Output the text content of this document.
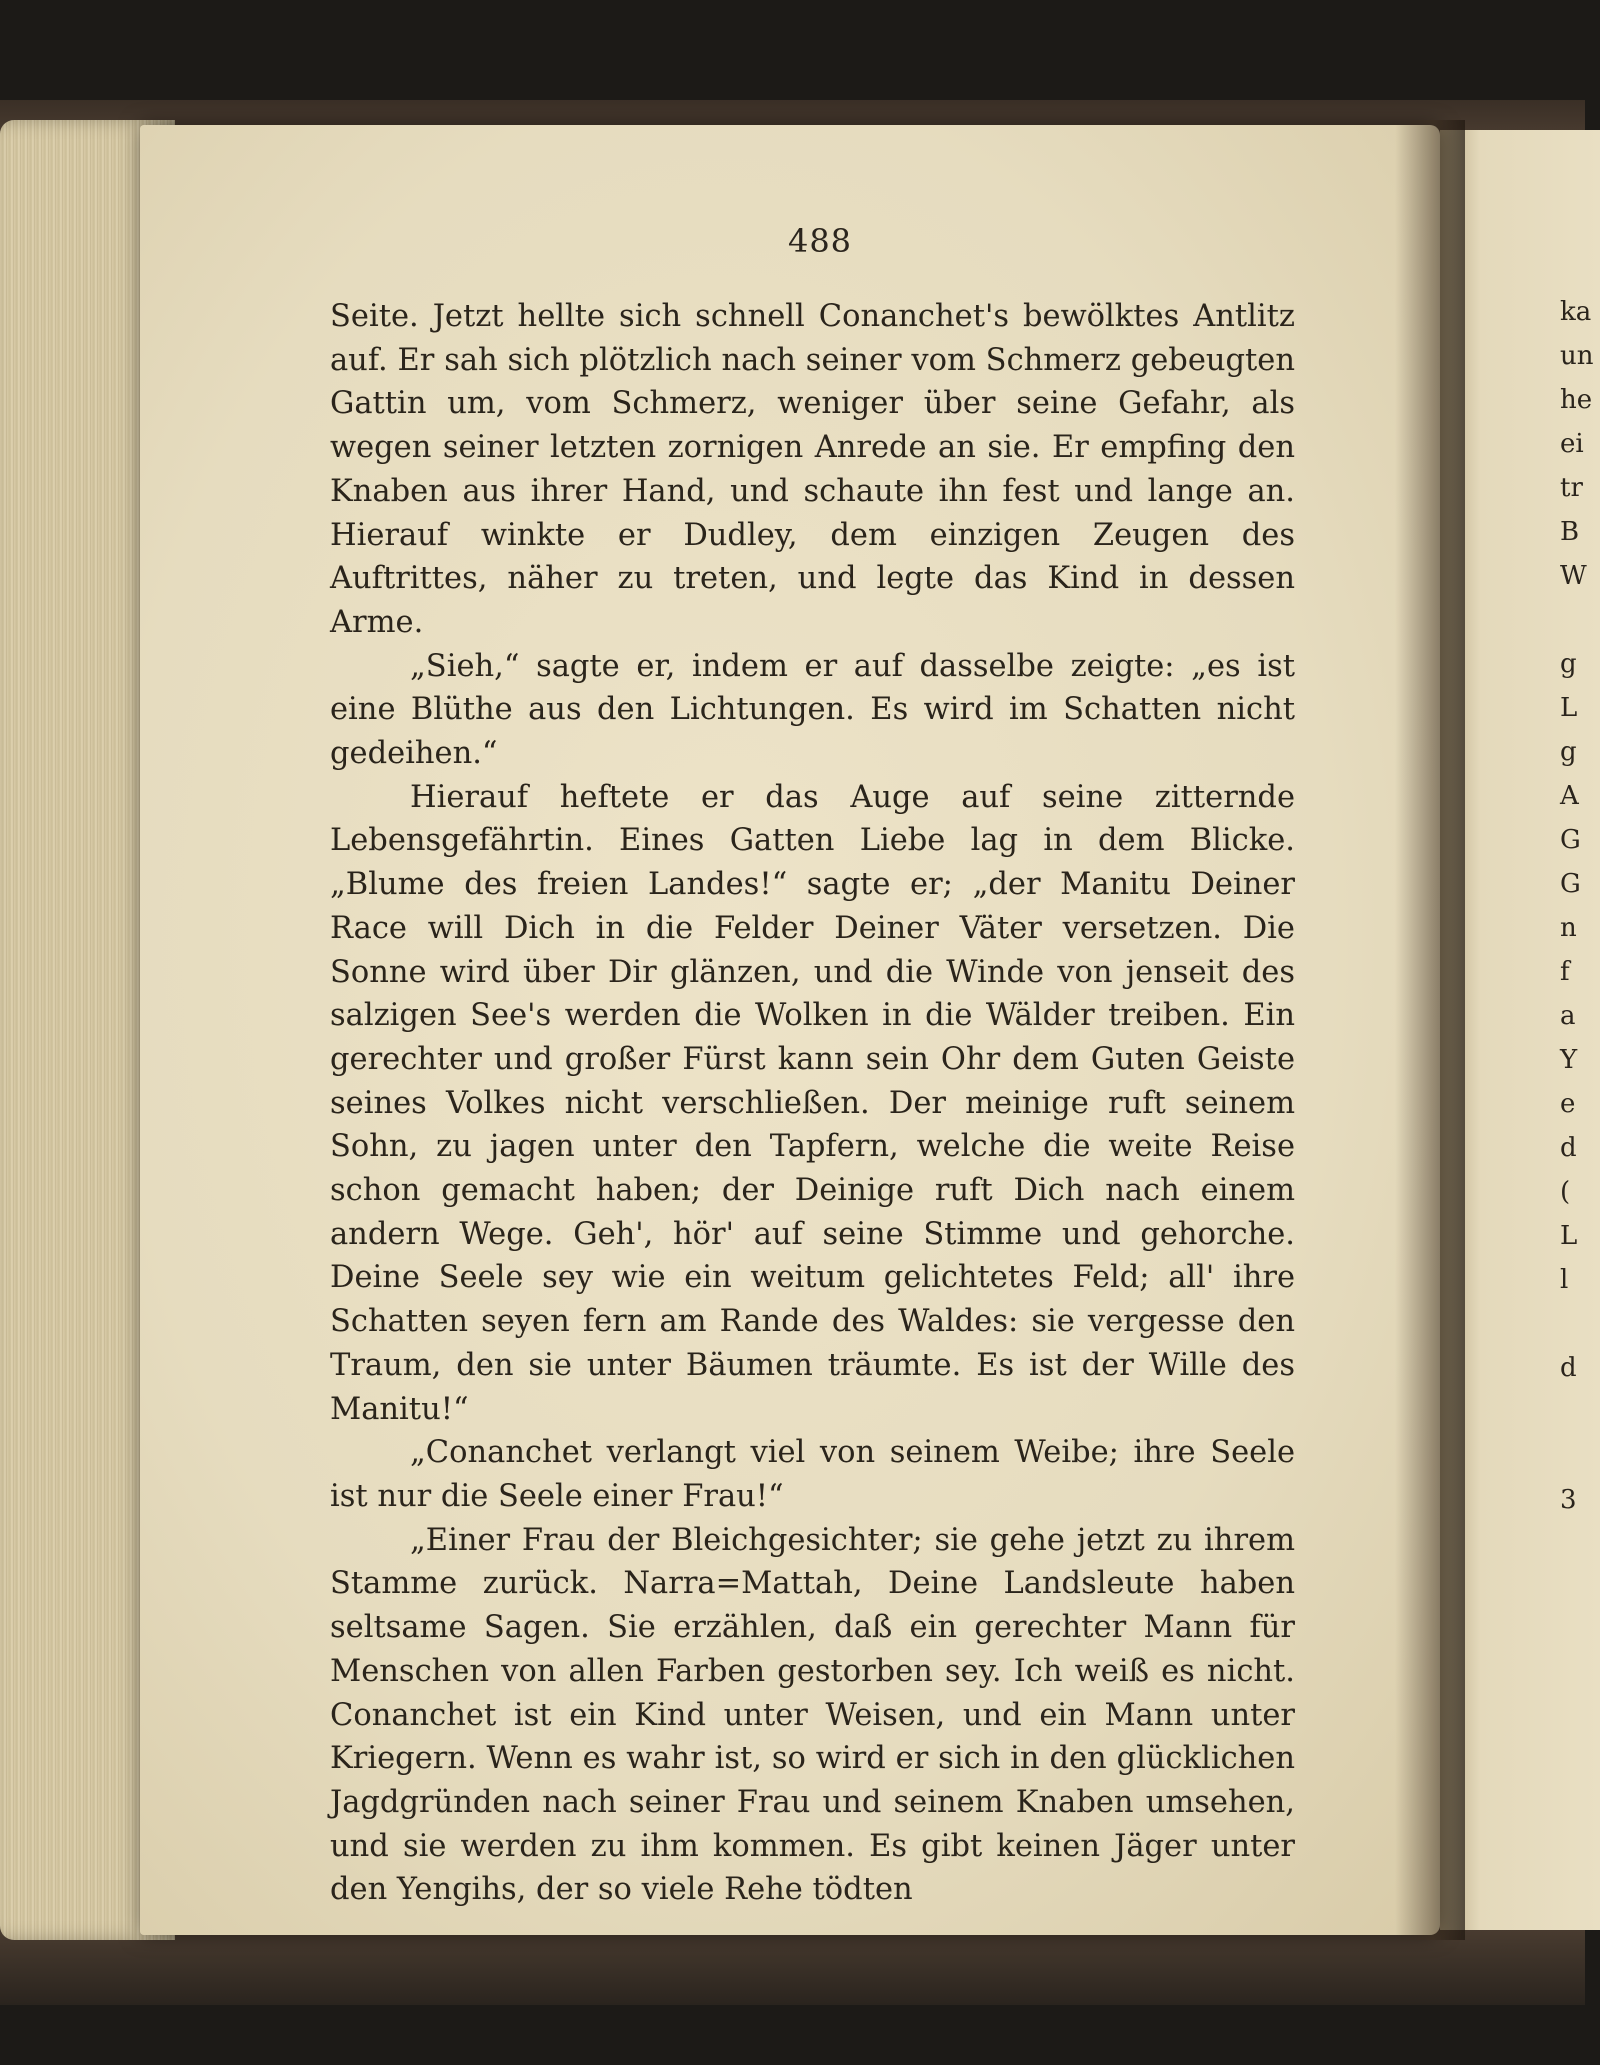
ka
un
he
ei
tr
B
W
g
L
g
A
G
G
n
f
a
Y
e
d
(
L
l
d
3
488

Seite. Jetzt hellte sich schnell Conanchet's bewölktes Antlitz auf. Er sah sich plötzlich nach seiner vom Schmerz gebeugten Gattin um, vom Schmerz, weniger über seine Gefahr, als wegen seiner letzten zornigen Anrede an sie. Er empfing den Knaben aus ihrer Hand, und schaute ihn fest und lange an. Hierauf winkte er Dudley, dem einzigen Zeugen des Auftrittes, näher zu treten, und legte das Kind in dessen Arme.

„Sieh,“ sagte er, indem er auf dasselbe zeigte: „es ist eine Blüthe aus den Lichtungen. Es wird im Schatten nicht gedeihen.“

Hierauf heftete er das Auge auf seine zitternde Lebensgefährtin. Eines Gatten Liebe lag in dem Blicke. „Blume des freien Landes!“ sagte er; „der Manitu Deiner Race will Dich in die Felder Deiner Väter versetzen. Die Sonne wird über Dir glänzen, und die Winde von jenseit des salzigen See's werden die Wolken in die Wälder treiben. Ein gerechter und großer Fürst kann sein Ohr dem Guten Geiste seines Volkes nicht verschließen. Der meinige ruft seinem Sohn, zu jagen unter den Tapfern, welche die weite Reise schon gemacht haben; der Deinige ruft Dich nach einem andern Wege. Geh', hör' auf seine Stimme und gehorche. Deine Seele sey wie ein weitum gelichtetes Feld; all' ihre Schatten seyen fern am Rande des Waldes: sie vergesse den Traum, den sie unter Bäumen träumte. Es ist der Wille des Manitu!“

„Conanchet verlangt viel von seinem Weibe; ihre Seele ist nur die Seele einer Frau!“

„Einer Frau der Bleichgesichter; sie gehe jetzt zu ihrem Stamme zurück. Narra=Mattah, Deine Landsleute haben seltsame Sagen. Sie erzählen, daß ein gerechter Mann für Menschen von allen Farben gestorben sey. Ich weiß es nicht. Conanchet ist ein Kind unter Weisen, und ein Mann unter Kriegern. Wenn es wahr ist, so wird er sich in den glücklichen Jagdgründen nach seiner Frau und seinem Knaben umsehen, und sie werden zu ihm kommen. Es gibt keinen Jäger unter den Yengihs, der so viele Rehe tödten
